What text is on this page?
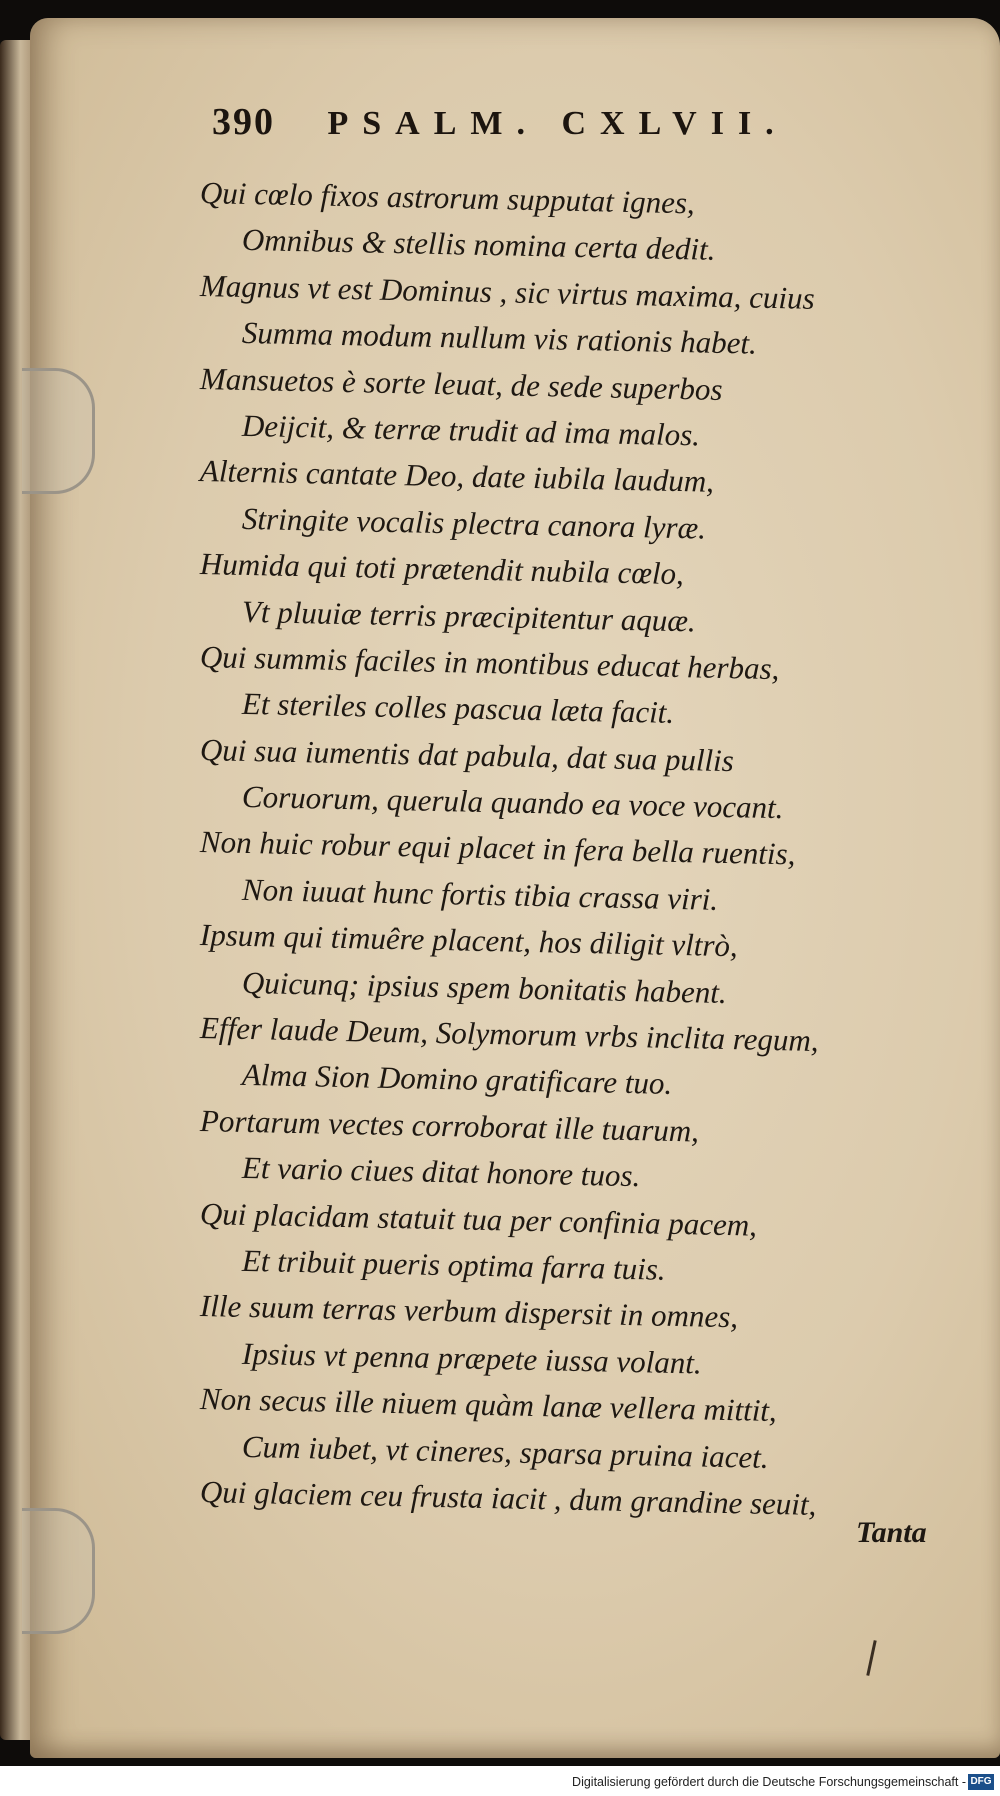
390 PSALM. CXLVII.
Qui cœlo fixos astrorum supputat ignes,
Omnibus & stellis nomina certa dedit.
Magnus vt est Dominus , sic virtus maxima, cuius
Summa modum nullum vis rationis habet.
Mansuetos è sorte leuat, de sede superbos
Deijcit, & terræ trudit ad ima malos.
Alternis cantate Deo, date iubila laudum,
Stringite vocalis plectra canora lyræ.
Humida qui toti prætendit nubila cœlo,
Vt pluuiæ terris præcipitentur aquæ.
Qui summis faciles in montibus educat herbas,
Et steriles colles pascua læta facit.
Qui sua iumentis dat pabula, dat sua pullis
Coruorum, querula quando ea voce vocant.
Non huic robur equi placet in fera bella ruentis,
Non iuuat hunc fortis tibia crassa viri.
Ipsum qui timuêre placent, hos diligit vltrò,
Quicunq; ipsius spem bonitatis habent.
Effer laude Deum, Solymorum vrbs inclita regum,
Alma Sion Domino gratificare tuo.
Portarum vectes corroborat ille tuarum,
Et vario ciues ditat honore tuos.
Qui placidam statuit tua per confinia pacem,
Et tribuit pueris optima farra tuis.
Ille suum terras verbum dispersit in omnes,
Ipsius vt penna præpete iussa volant.
Non secus ille niuem quàm lanæ vellera mittit,
Cum iubet, vt cineres, sparsa pruina iacet.
Qui glaciem ceu frusta iacit , dum grandine seuit,
Tanta
Digitalisierung gefördert durch die Deutsche Forschungsgemeinschaft - DFG
